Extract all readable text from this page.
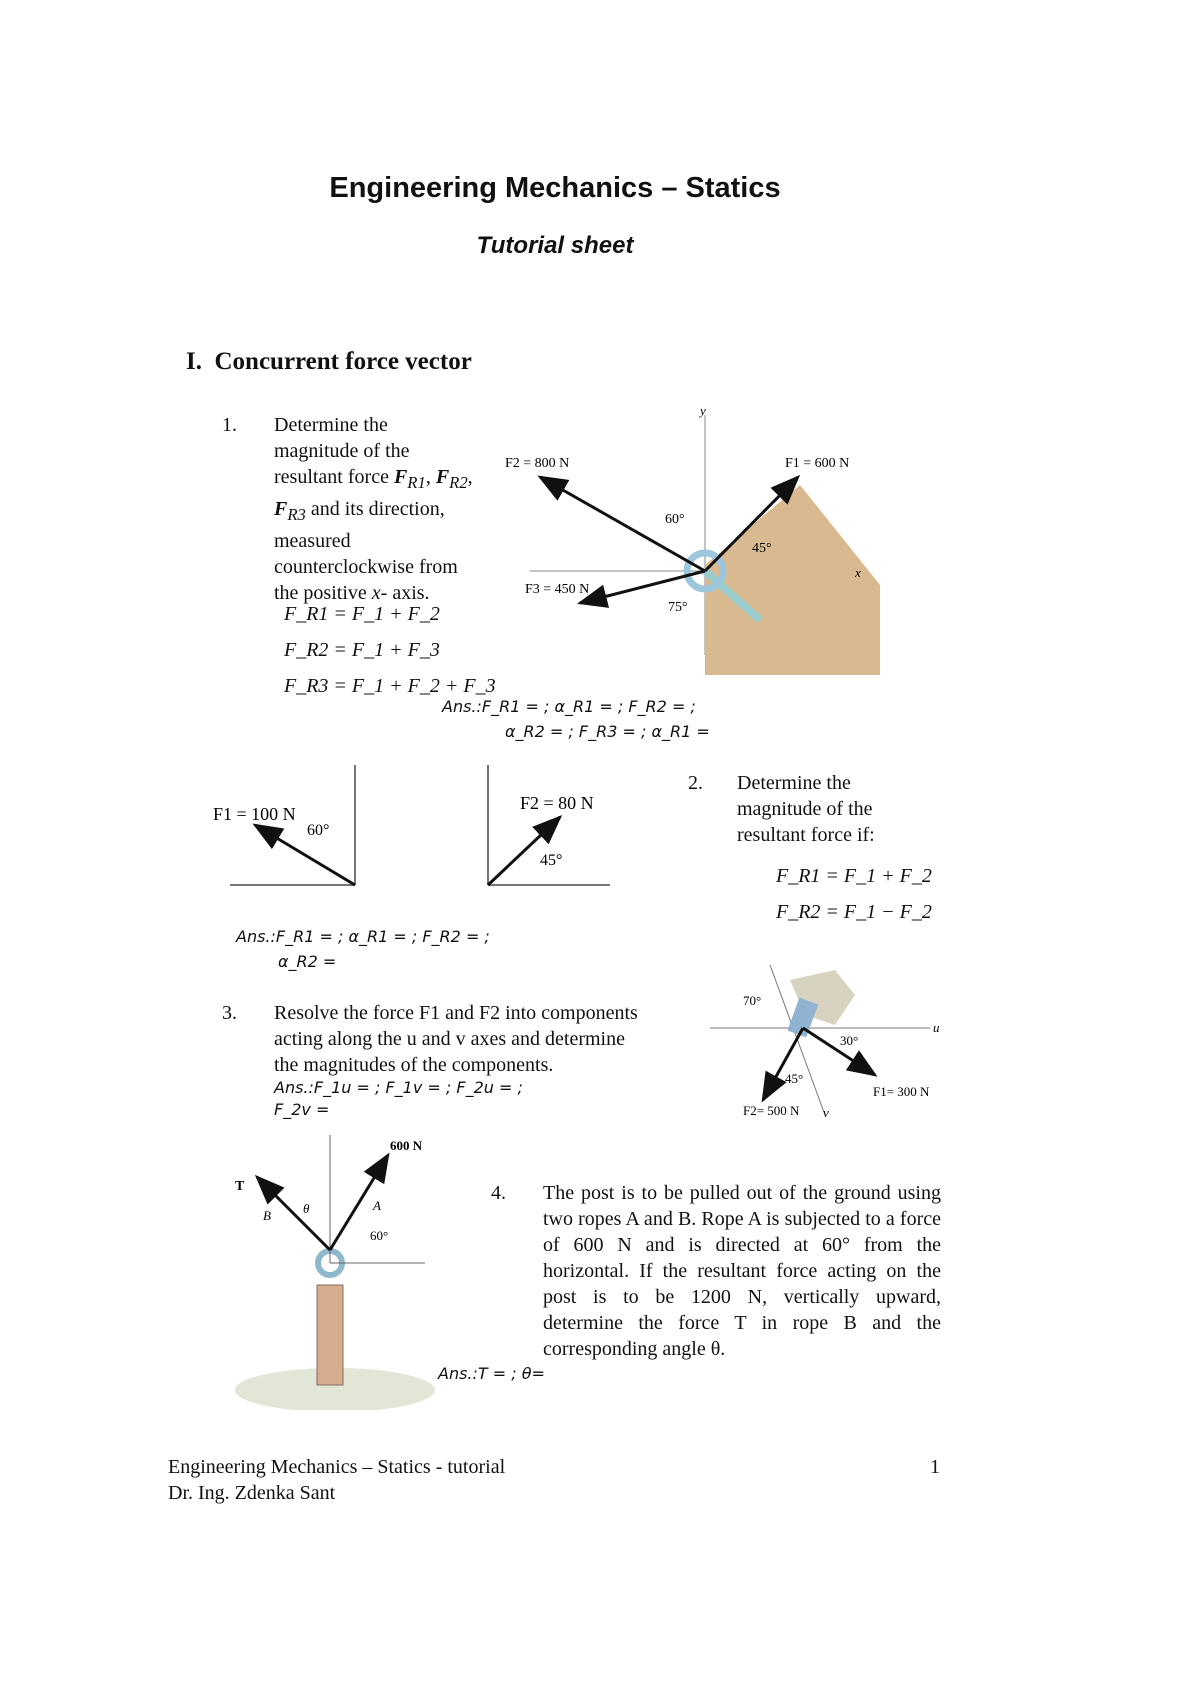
Engineering Mechanics – Statics
Tutorial sheet
I. Concurrent force vector
1. Determine the
magnitude of the
resultant force $F_{R1}$, $F_{R2}$,
$F_{R3}$ and its direction,
measured
counterclockwise from
the positive x- axis.
F_R1 = F_1 + F_2
F_R2 = F_1 + F_3
F_R3 = F_1 + F_2 + F_3
Ans.:F_R1 = ; α_R1 = ; F_R2 = ;
α_R2 = ; F_R3 = ; α_R1 =
F2 = 800 N	F1 = 600 N
F3 = 450 N
60°
45°
75°
x
y
F1 = 100 N
60°
F2 = 80 N
45°
2. Determine the
magnitude of the
resultant force if:
F_R1 = F_1 + F_2
F_R2 = F_1 − F_2
Ans.:F_R1 = ; α_R1 = ; F_R2 = ;
α_R2 =
3. Resolve the force F1 and F2 into components
acting along the u and v axes and determine
the magnitudes of the components.
Ans.:F_1u = ; F_1v = ; F_2u = ;
F_2v =
70°
30°
45°
F1= 300 N
F2= 500 N
u
v
600 N
T
B θ	A
60°
4. The post is to be pulled out of the ground using two ropes A and B. Rope A is subjected to a force of 600 N and is directed at 60° from the horizontal. If the resultant force acting on the post is to be 1200 N, vertically upward, determine the force T in rope B and the corresponding angle θ.
Ans.:T = ; θ=
Engineering Mechanics – Statics - tutorial
Dr. Ing. Zdenka Sant
1
